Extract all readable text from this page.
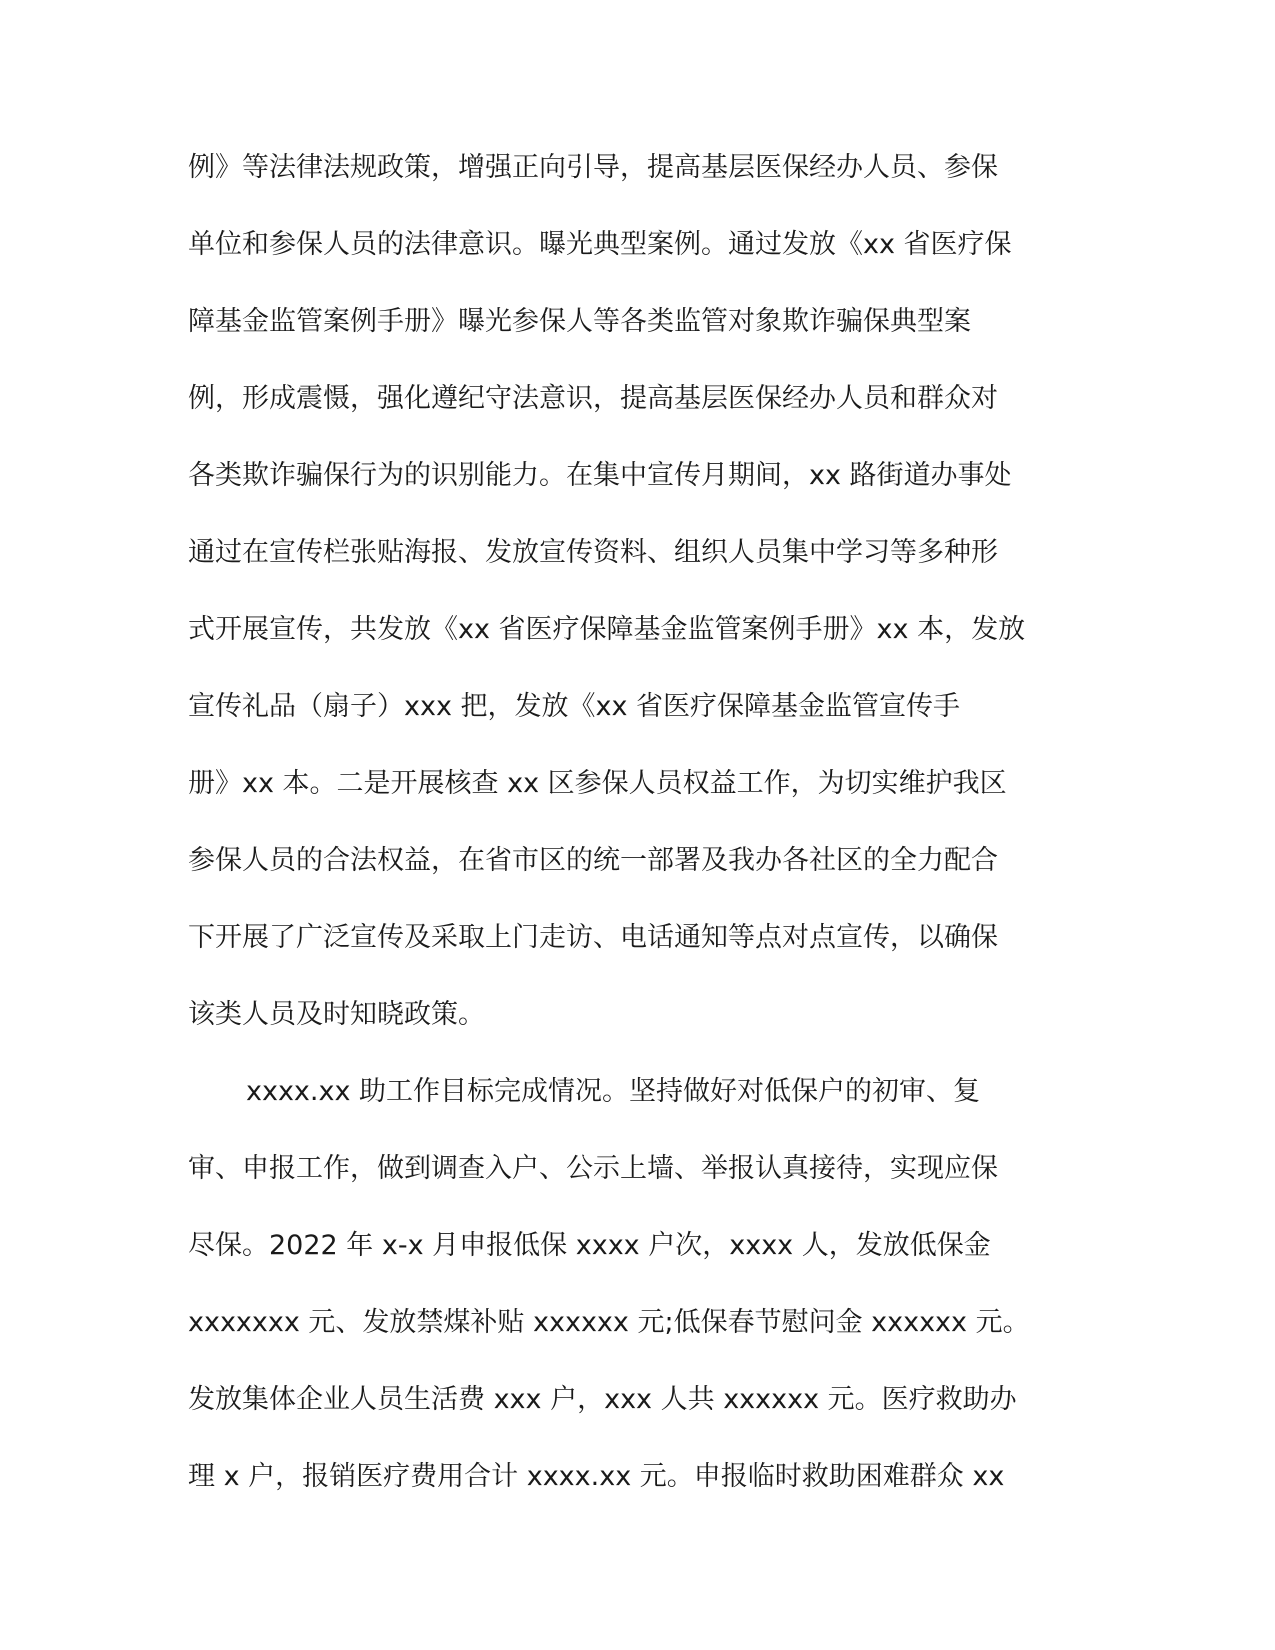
例》等法律法规政策，增强正向引导，提高基层医保经办人员、参保
单位和参保人员的法律意识。曝光典型案例。通过发放《xx 省医疗保
障基金监管案例手册》曝光参保人等各类监管对象欺诈骗保典型案
例，形成震慑，强化遵纪守法意识，提高基层医保经办人员和群众对
各类欺诈骗保行为的识别能力。在集中宣传月期间，xx 路街道办事处
通过在宣传栏张贴海报、发放宣传资料、组织人员集中学习等多种形
式开展宣传，共发放《xx 省医疗保障基金监管案例手册》xx 本，发放
宣传礼品（扇子）xxx 把，发放《xx 省医疗保障基金监管宣传手
册》xx 本。二是开展核查 xx 区参保人员权益工作，为切实维护我区
参保人员的合法权益，在省市区的统一部署及我办各社区的全力配合
下开展了广泛宣传及采取上门走访、电话通知等点对点宣传，以确保
该类人员及时知晓政策。
xxxx.xx 助工作目标完成情况。坚持做好对低保户的初审、复
审、申报工作，做到调查入户、公示上墙、举报认真接待，实现应保
尽保。2022 年 x-x 月申报低保 xxxx 户次，xxxx 人，发放低保金
xxxxxxx 元、发放禁煤补贴 xxxxxx 元;低保春节慰问金 xxxxxx 元。
发放集体企业人员生活费 xxx 户，xxx 人共 xxxxxx 元。医疗救助办
理 x 户，报销医疗费用合计 xxxx.xx 元。申报临时救助困难群众 xx
